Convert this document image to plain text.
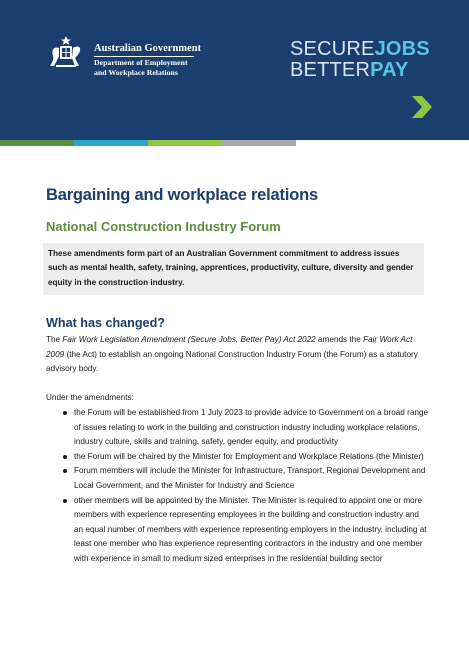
Australian Government
Department of Employment
and Workplace Relations
SECUREJOBS
BETTERPAY
Bargaining and workplace relations
National Construction Industry Forum

These amendments form part of an Australian Government commitment to address issues such as mental health, safety, training, apprentices, productivity, culture, diversity and gender equity in the construction industry.

What has changed?

The Fair Work Legislation Amendment (Secure Jobs, Better Pay) Act 2022 amends the Fair Work Act 2009 (the Act) to establish an ongoing National Construction Industry Forum (the Forum) as a statutory advisory body.

Under the amendments:

the Forum will be established from 1 July 2023 to provide advice to Government on a broad range of issues relating to work in the building and construction industry including workplace relations, industry culture, skills and training, safety, gender equity, and productivity
the Forum will be chaired by the Minister for Employment and Workplace Relations (the Minister)
Forum members will include the Minister for Infrastructure, Transport, Regional Development and Local Government, and the Minister for Industry and Science
other members will be appointed by the Minister. The Minister is required to appoint one or more members with experience representing employees in the building and construction industry and an equal number of members with experience representing employers in the industry, including at least one member who has experience representing contractors in the industry and one member with experience in small to medium sized enterprises in the residential building sector
